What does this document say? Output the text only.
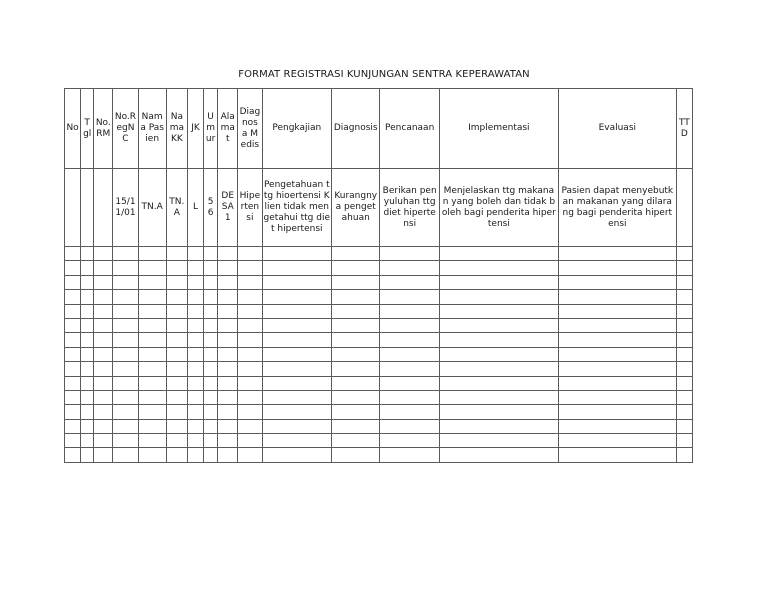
FORMAT REGISTRASI KUNJUNGAN SENTRA KEPERAWATAN
No	Tgl	No.RM	No.RegNC	Nama Pasien	Nama KK	JK	Umur	Alamat	Diagnosa Medis	Pengkajian	Diagnosis	Pencanaan	Implementasi	Evaluasi	TTD
			15/11/01	TN.A	TN.A	L	56	DESA1	Hipertensi	Pengetahuan ttg hioertensi Klien tidak mengetahui ttg diet hipertensi	Kurangnya pengetahuan	Berikan penyuluhan ttg diet hipertensi	Menjelaskan ttg makanan yang boleh dan tidak boleh bagi penderita hipertensi	Pasien dapat menyebutkan makanan yang dilarang bagi penderita hipertensi	
